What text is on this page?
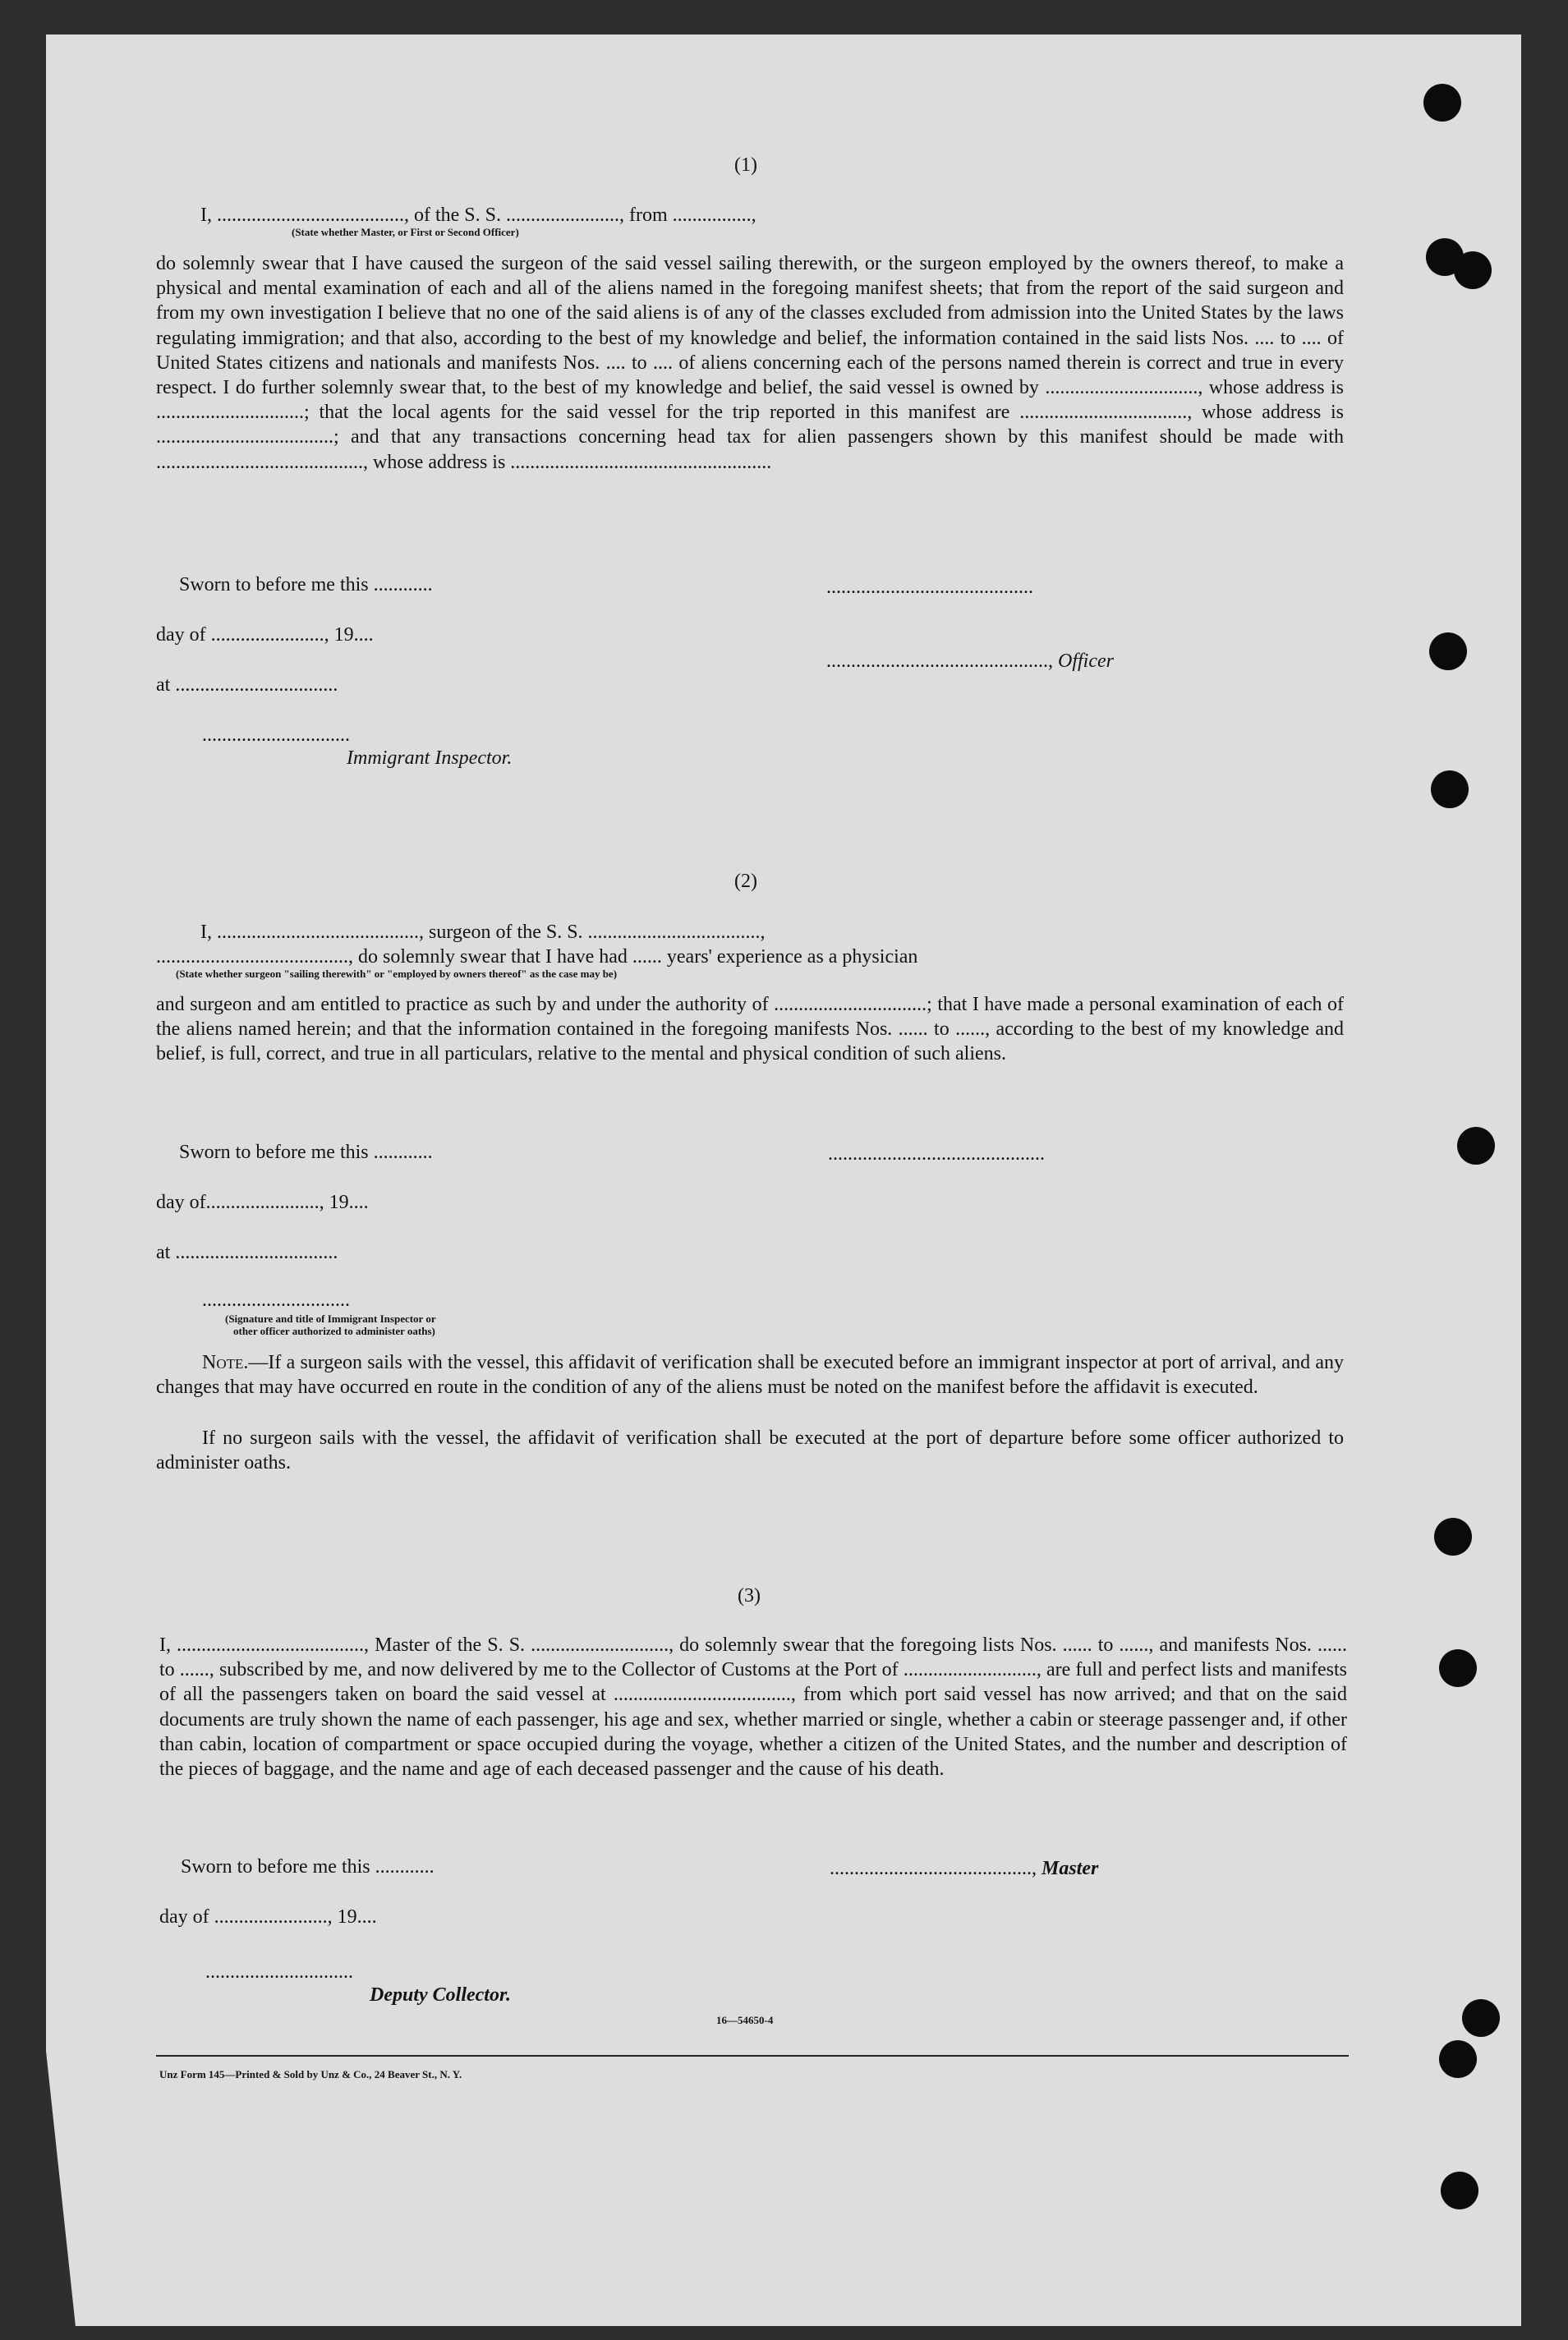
(1)
I, ......................................, of the S. S. ......................., from ................,
(State whether Master, or First or Second Officer)
do solemnly swear that I have caused the surgeon of the said vessel sailing therewith, or the surgeon employed by the owners thereof, to make a physical and mental examination of each and all of the aliens named in the foregoing manifest sheets; that from the report of the said surgeon and from my own investigation I believe that no one of the said aliens is of any of the classes excluded from admission into the United States by the laws regulating immigration; and that also, according to the best of my knowledge and belief, the information contained in the said lists Nos. .... to .... of United States citizens and nationals and manifests Nos. .... to .... of aliens concerning each of the persons named therein is correct and true in every respect. I do further solemnly swear that, to the best of my knowledge and belief, the said vessel is owned by ..............................., whose address is ..............................; that the local agents for the said vessel for the trip reported in this manifest are .................................., whose address is ....................................; and that any transactions concerning head tax for alien passengers shown by this manifest should be made with .........................................., whose address is .....................................................
Sworn to before me this ............
day of ......................., 19....
at .................................
..........................................
............................................., Officer
..............................
Immigrant Inspector.
(2)
I, ........................................., surgeon of the S. S. ...................................,
......................................., do solemnly swear that I have had ...... years' experience as a physician
(State whether surgeon "sailing therewith" or "employed by owners thereof" as the case may be)
and surgeon and am entitled to practice as such by and under the authority of ...............................; that I have made a personal examination of each of the aliens named herein; and that the information contained in the foregoing manifests Nos. ...... to ......, according to the best of my knowledge and belief, is full, correct, and true in all particulars, relative to the mental and physical condition of such aliens.
Sworn to before me this ............
day of......................., 19....
at .................................
............................................
..............................
(Signature and title of Immigrant Inspector or
other officer authorized to administer oaths)
Note.—If a surgeon sails with the vessel, this affidavit of verification shall be executed before an immigrant inspector at port of arrival, and any changes that may have occurred en route in the condition of any of the aliens must be noted on the manifest before the affidavit is executed.
If no surgeon sails with the vessel, the affidavit of verification shall be executed at the port of departure before some officer authorized to administer oaths.
(3)
I, ......................................, Master of the S. S. ............................, do solemnly swear that the foregoing lists Nos. ...... to ......, and manifests Nos. ...... to ......, subscribed by me, and now delivered by me to the Collector of Customs at the Port of ..........................., are full and perfect lists and manifests of all the passengers taken on board the said vessel at ...................................., from which port said vessel has now arrived; and that on the said documents are truly shown the name of each passenger, his age and sex, whether married or single, whether a cabin or steerage passenger and, if other than cabin, location of compartment or space occupied during the voyage, whether a citizen of the United States, and the number and description of the pieces of baggage, and the name and age of each deceased passenger and the cause of his death.
Sworn to before me this ............
day of ......................., 19....
........................................., Master
..............................
Deputy Collector.
16—54650-4
Unz Form 145—Printed & Sold by Unz & Co., 24 Beaver St., N. Y.
